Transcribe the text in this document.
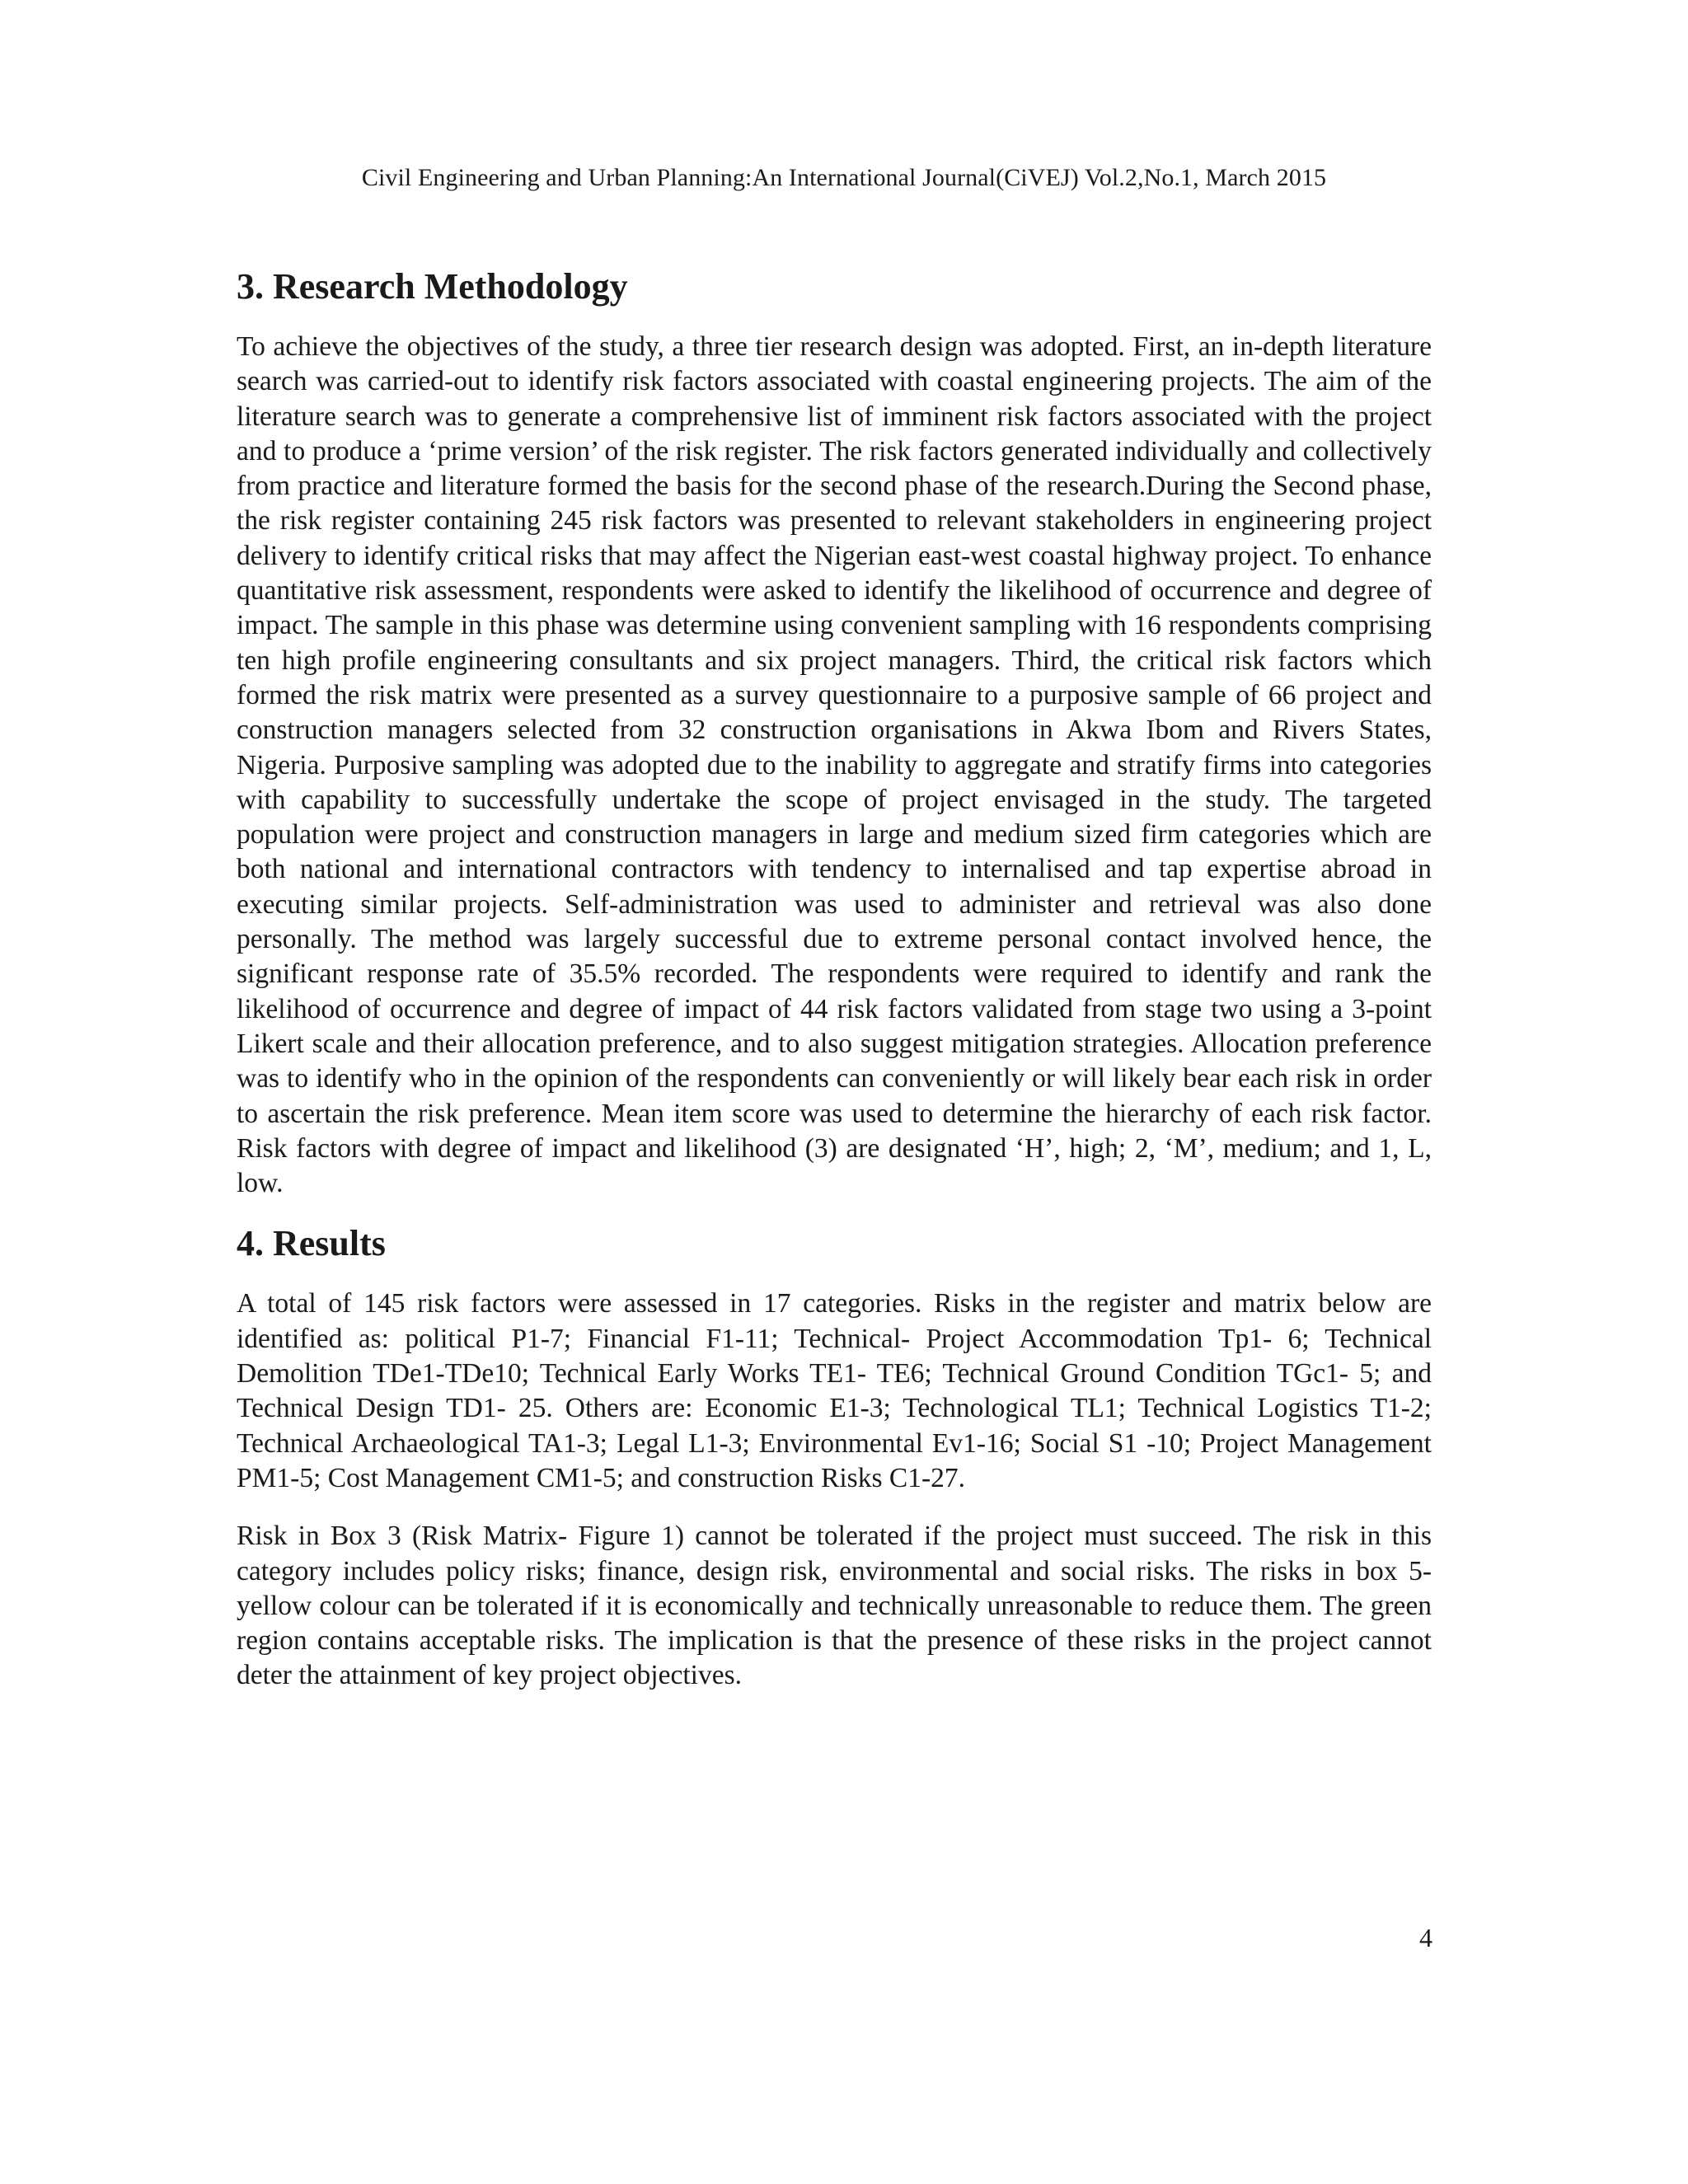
Civil Engineering and Urban Planning:An International Journal(CiVEJ) Vol.2,No.1, March 2015
3. Research Methodology

To achieve the objectives of the study, a three tier research design was adopted. First, an in-depth literature search was carried-out to identify risk factors associated with coastal engineering projects. The aim of the literature search was to generate a comprehensive list of imminent risk factors associated with the project and to produce a ‘prime version’ of the risk register. The risk factors generated individually and collectively from practice and literature formed the basis for the second phase of the research.During the Second phase, the risk register containing 245 risk factors was presented to relevant stakeholders in engineering project delivery to identify critical risks that may affect the Nigerian east-west coastal highway project. To enhance quantitative risk assessment, respondents were asked to identify the likelihood of occurrence and degree of impact. The sample in this phase was determine using convenient sampling with 16 respondents comprising ten high profile engineering consultants and six project managers. Third, the critical risk factors which formed the risk matrix were presented as a survey questionnaire to a purposive sample of 66 project and construction managers selected from 32 construction organisations in Akwa Ibom and Rivers States, Nigeria. Purposive sampling was adopted due to the inability to aggregate and stratify firms into categories with capability to successfully undertake the scope of project envisaged in the study. The targeted population were project and construction managers in large and medium sized firm categories which are both national and international contractors with tendency to internalised and tap expertise abroad in executing similar projects. Self-administration was used to administer and retrieval was also done personally. The method was largely successful due to extreme personal contact involved hence, the significant response rate of 35.5% recorded. The respondents were required to identify and rank the likelihood of occurrence and degree of impact of 44 risk factors validated from stage two using a 3-point Likert scale and their allocation preference, and to also suggest mitigation strategies. Allocation preference was to identify who in the opinion of the respondents can conveniently or will likely bear each risk in order to ascertain the risk preference. Mean item score was used to determine the hierarchy of each risk factor. Risk factors with degree of impact and likelihood (3) are designated ‘H’, high; 2, ‘M’, medium; and 1, L, low.

4. Results

A total of 145 risk factors were assessed in 17 categories. Risks in the register and matrix below are identified as: political P1-7; Financial F1-11; Technical- Project Accommodation Tp1- 6; Technical Demolition TDe1-TDe10; Technical Early Works TE1- TE6; Technical Ground Condition TGc1- 5; and Technical Design TD1- 25. Others are: Economic E1-3; Technological TL1; Technical Logistics T1-2; Technical Archaeological TA1-3; Legal L1-3; Environmental Ev1-16; Social S1 -10; Project Management PM1-5; Cost Management CM1-5; and construction Risks C1-27.

Risk in Box 3 (Risk Matrix- Figure 1) cannot be tolerated if the project must succeed. The risk in this category includes policy risks; finance, design risk, environmental and social risks. The risks in box 5- yellow colour can be tolerated if it is economically and technically unreasonable to reduce them. The green region contains acceptable risks. The implication is that the presence of these risks in the project cannot deter the attainment of key project objectives.

4
